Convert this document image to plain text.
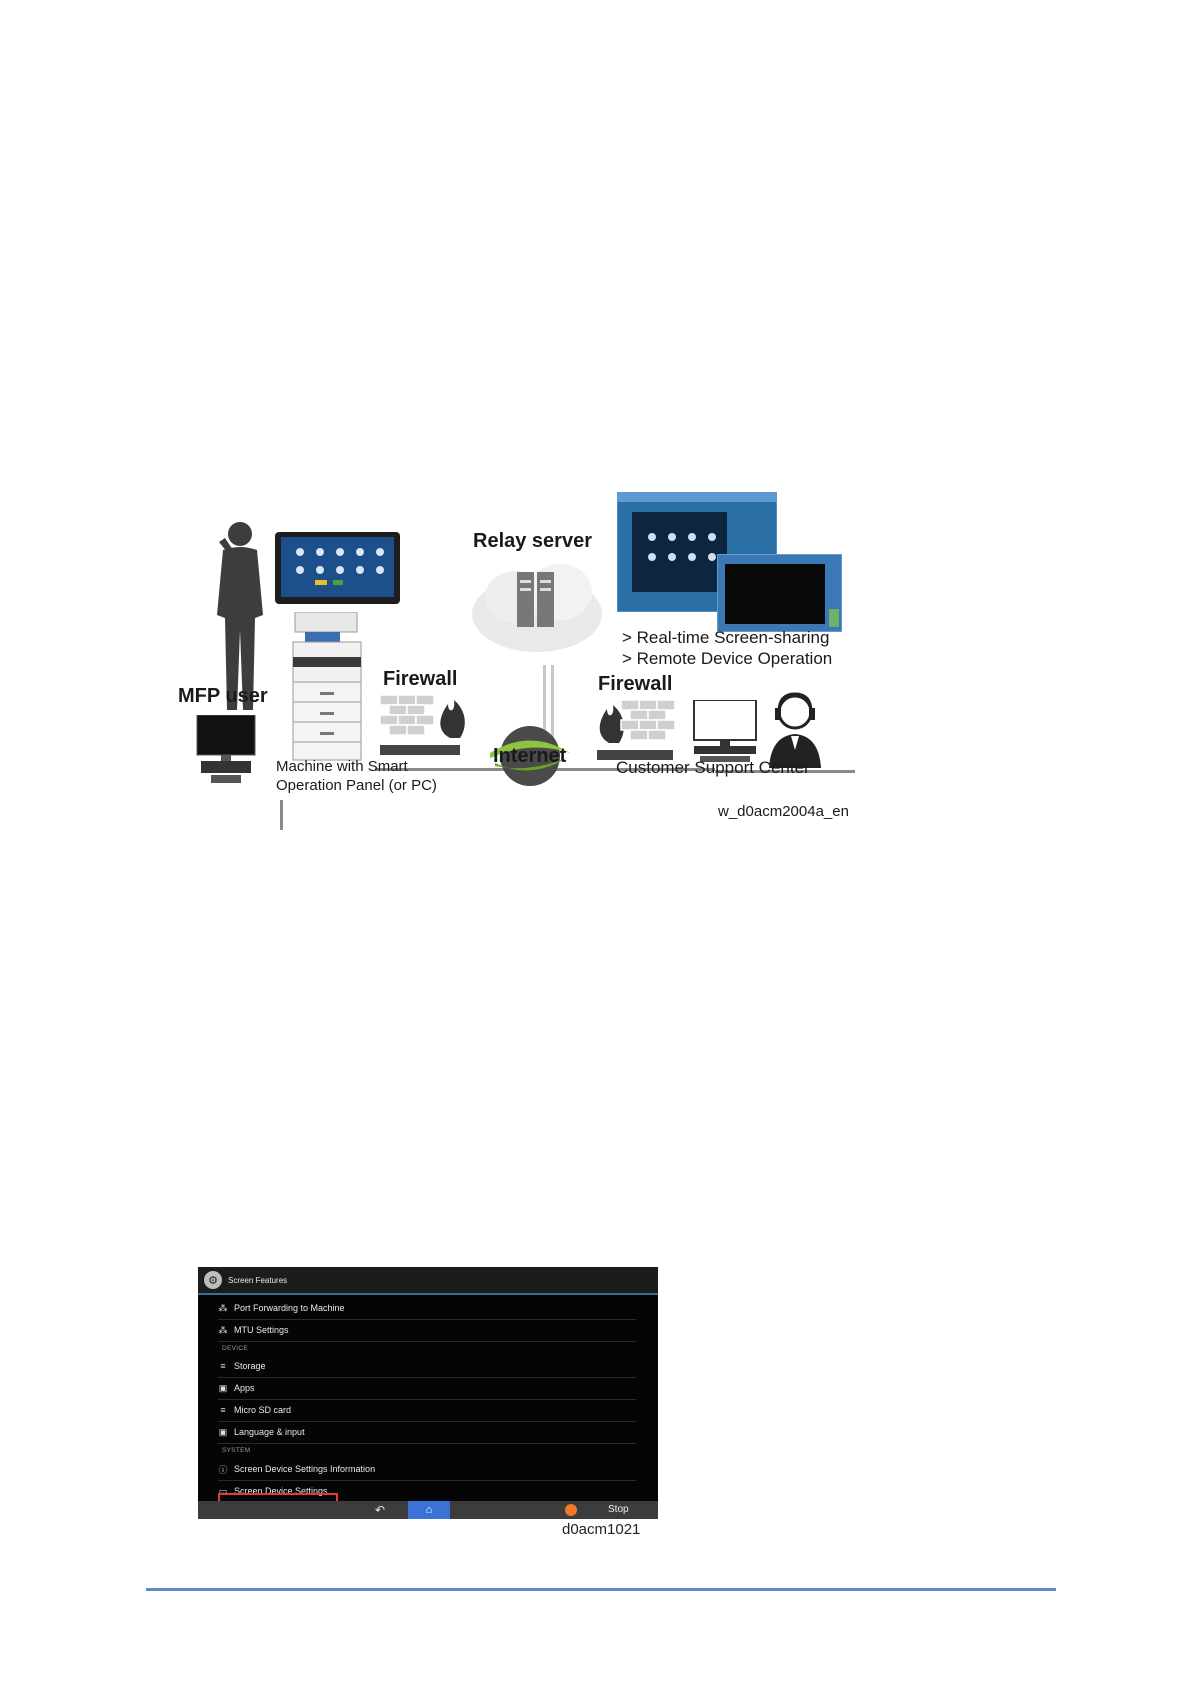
Relay server
MFP user
Firewall	Firewall
Internet
> Real-time Screen-sharing
> Remote Device Operation
Machine with Smart
Operation Panel (or PC)
Customer Support Center
w_d0acm2004a_en
⚙	Screen Features
⁂ Port Forwarding to Machine
⁂ MTU Settings
DEVICE
≡ Storage
▣ Apps
≡ Micro SD card
▣ Language & input
SYSTEM
ⓘ Screen Device Settings Information
▭ Screen Device Settings
↶	⌂	Stop
d0acm1021
